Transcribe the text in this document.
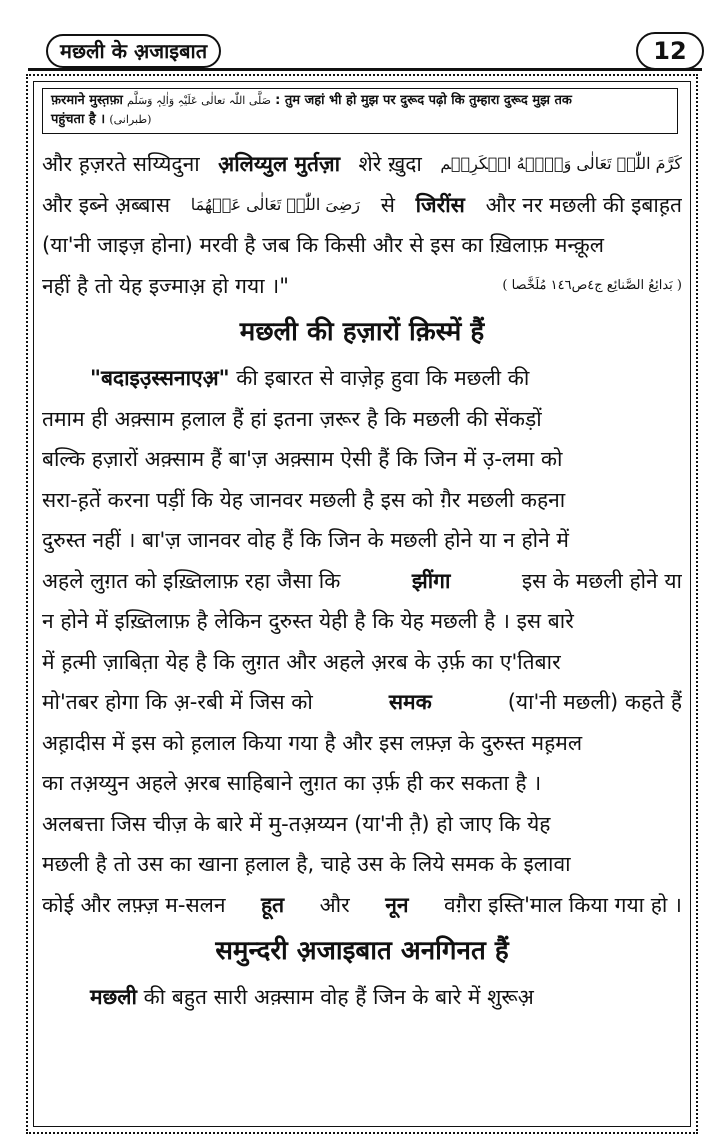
मछली के अ़जाइबात	12
फ़रमाने मुस्त़फ़ा صَلَّی اللّٰہ تعالٰی عَلَیْہِ وَاٰلِہٖ وَسَلَّم : तुम जहां भी हो मुझ पर दुरूद पढ़ो कि तुम्हारा दुरूद मुझ तक
पहुंचता है । (طبرانی)
और ह़ज़रते सय्यिदुना अ़लिय्युल मुर्तज़ा शेरे ख़ुदा كَرَّمَ اللّٰہُ تَعَالٰی وَجۡہَهُ الۡکَرِیۡم
और इब्ने अ़ब्बास رَضِیَ اللّٰہُ تَعَالٰی عَنۡھُمَا से जिरींस और नर मछली की इबाह़त
(या'नी जाइज़ होना) मरवी है जब कि किसी और से इस का ख़िलाफ़ मन्क़ूल
नहीं है तो येह इज्माअ़ हो गया ।"	( بَدائِعُ الصَّنائِع ج٤ص١٤٦ مُلَخَّصا )
मछली की हज़ारों क़िस्में हैं
"बदाइउ़स्सनाएअ़"
की इबारत से वाज़ेह़ हुवा कि मछली की
तमाम ही अक़्साम ह़लाल हैं हां इतना ज़रूर है कि मछली की सेंकड़ों
बल्कि हज़ारों अक़्साम हैं बा'ज़ अक़्साम ऐसी हैं कि जिन में उ़-लमा को
सरा-ह़तें करना पड़ीं कि येह जानवर मछली है इस को ग़ैर मछली कहना
दुरुस्त नहीं । बा'ज़ जानवर वोह हैं कि जिन के मछली होने या न होने में
अहले लुग़त को इख़्तिलाफ़ रहा जैसा कि	झींगा	इस के मछली होने या
न होने में इख़्तिलाफ़ है लेकिन दुरुस्त येही है कि येह मछली है । इस बारे
में ह़त्मी ज़ाबित़ा येह है कि लुग़त और अहले अ़रब के उ़र्फ़ का ए'तिबार
मो'तबर होगा कि अ़-रबी में जिस को	समक	(या'नी मछली) कहते हैं
अह़ादीस में इस को ह़लाल किया गया है और इस लफ़्ज़ के दुरुस्त मह़मल
का तअ़य्युन अहले अ़रब साहिबाने लुग़त का उ़र्फ़ ही कर सकता है ।
अलबत्ता जिस चीज़ के बारे में मु-तअ़य्यन (या'नी तै़) हो जाए कि येह
मछली है तो उस का खाना ह़लाल है, चाहे उस के लिये समक के इलावा
कोई और लफ़्ज़ म-सलन हूत और नून वग़ैरा इस्ति'माल किया गया हो ।
समुन्दरी अ़जाइबात अनगिनत हैं
मछली
की बहुत सारी अक़्साम वोह हैं जिन के बारे में शुरूअ़
